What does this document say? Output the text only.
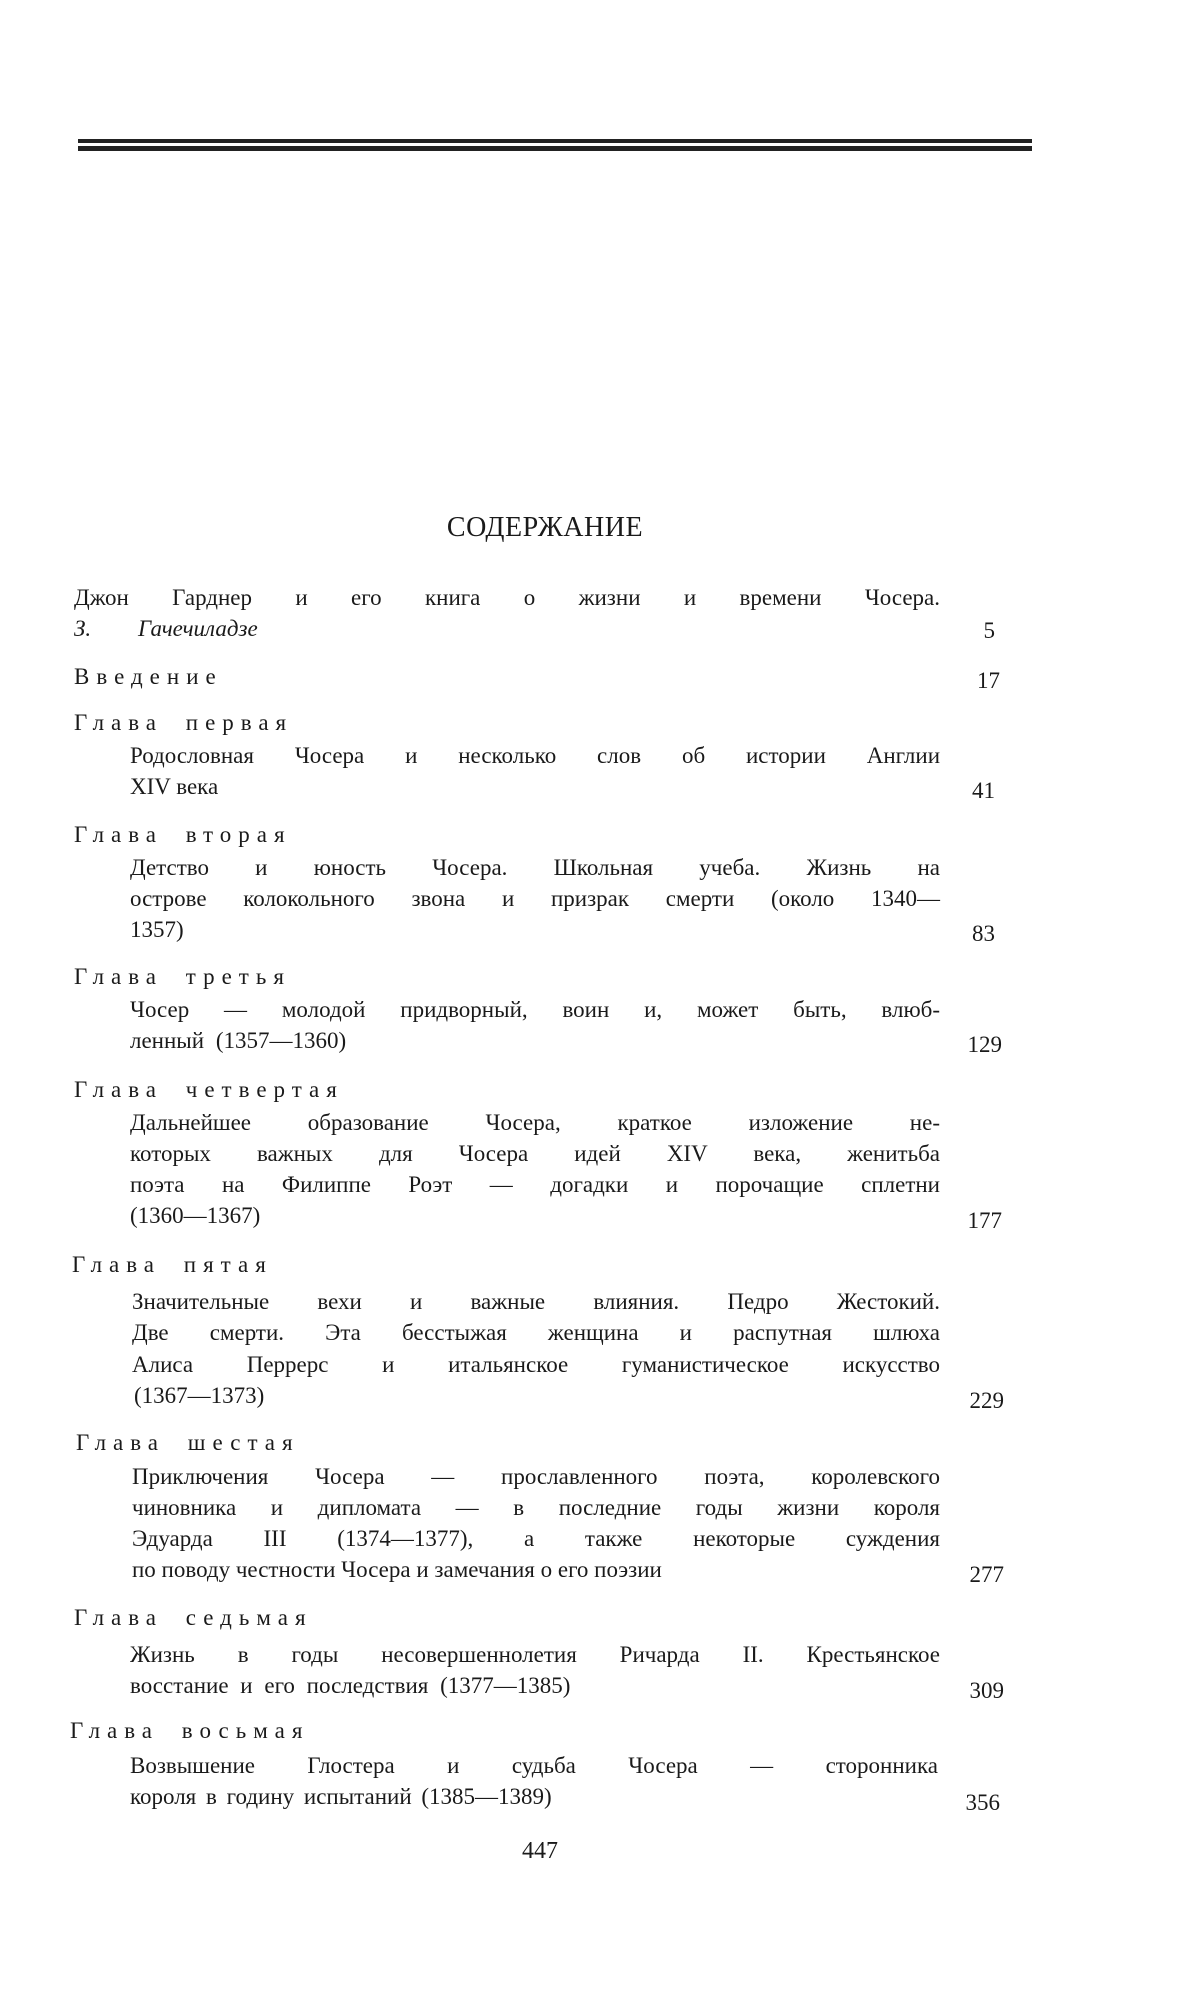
СОДЕРЖАНИЕ
Джон Гарднер и его книга о жизни и времени Чосера.
З. Гачечиладзе	5
Введение	17
Глава первая
Родословная Чосера и несколько слов об истории Англии
XIV века	41
Глава вторая
Детство и юность Чосера. Школьная учеба. Жизнь на
острове колокольного звона и призрак смерти (около 1340—
1357)	83
Глава третья
Чосер — молодой придворный, воин и, может быть, влюб-
ленный (1357—1360)	129
Глава четвертая
Дальнейшее образование Чосера, краткое изложение не-
которых важных для Чосера идей XIV века, женитьба
поэта на Филиппе Роэт — догадки и порочащие сплетни
(1360—1367)	177
Глава пятая
Значительные вехи и важные влияния. Педро Жестокий.
Две смерти. Эта бесстыжая женщина и распутная шлюха
Алиса Перрерс и итальянское гуманистическое искусство
(1367—1373)	229
Глава шестая
Приключения Чосера — прославленного поэта, королевского
чиновника и дипломата — в последние годы жизни короля
Эдуарда III (1374—1377), а также некоторые суждения
по поводу честности Чосера и замечания о его поэзии	277
Глава седьмая
Жизнь в годы несовершеннолетия Ричарда II. Крестьянское
восстание и его последствия (1377—1385)	309
Глава восьмая
Возвышение Глостера и судьба Чосера — сторонника
короля в годину испытаний (1385—1389)	356
447
